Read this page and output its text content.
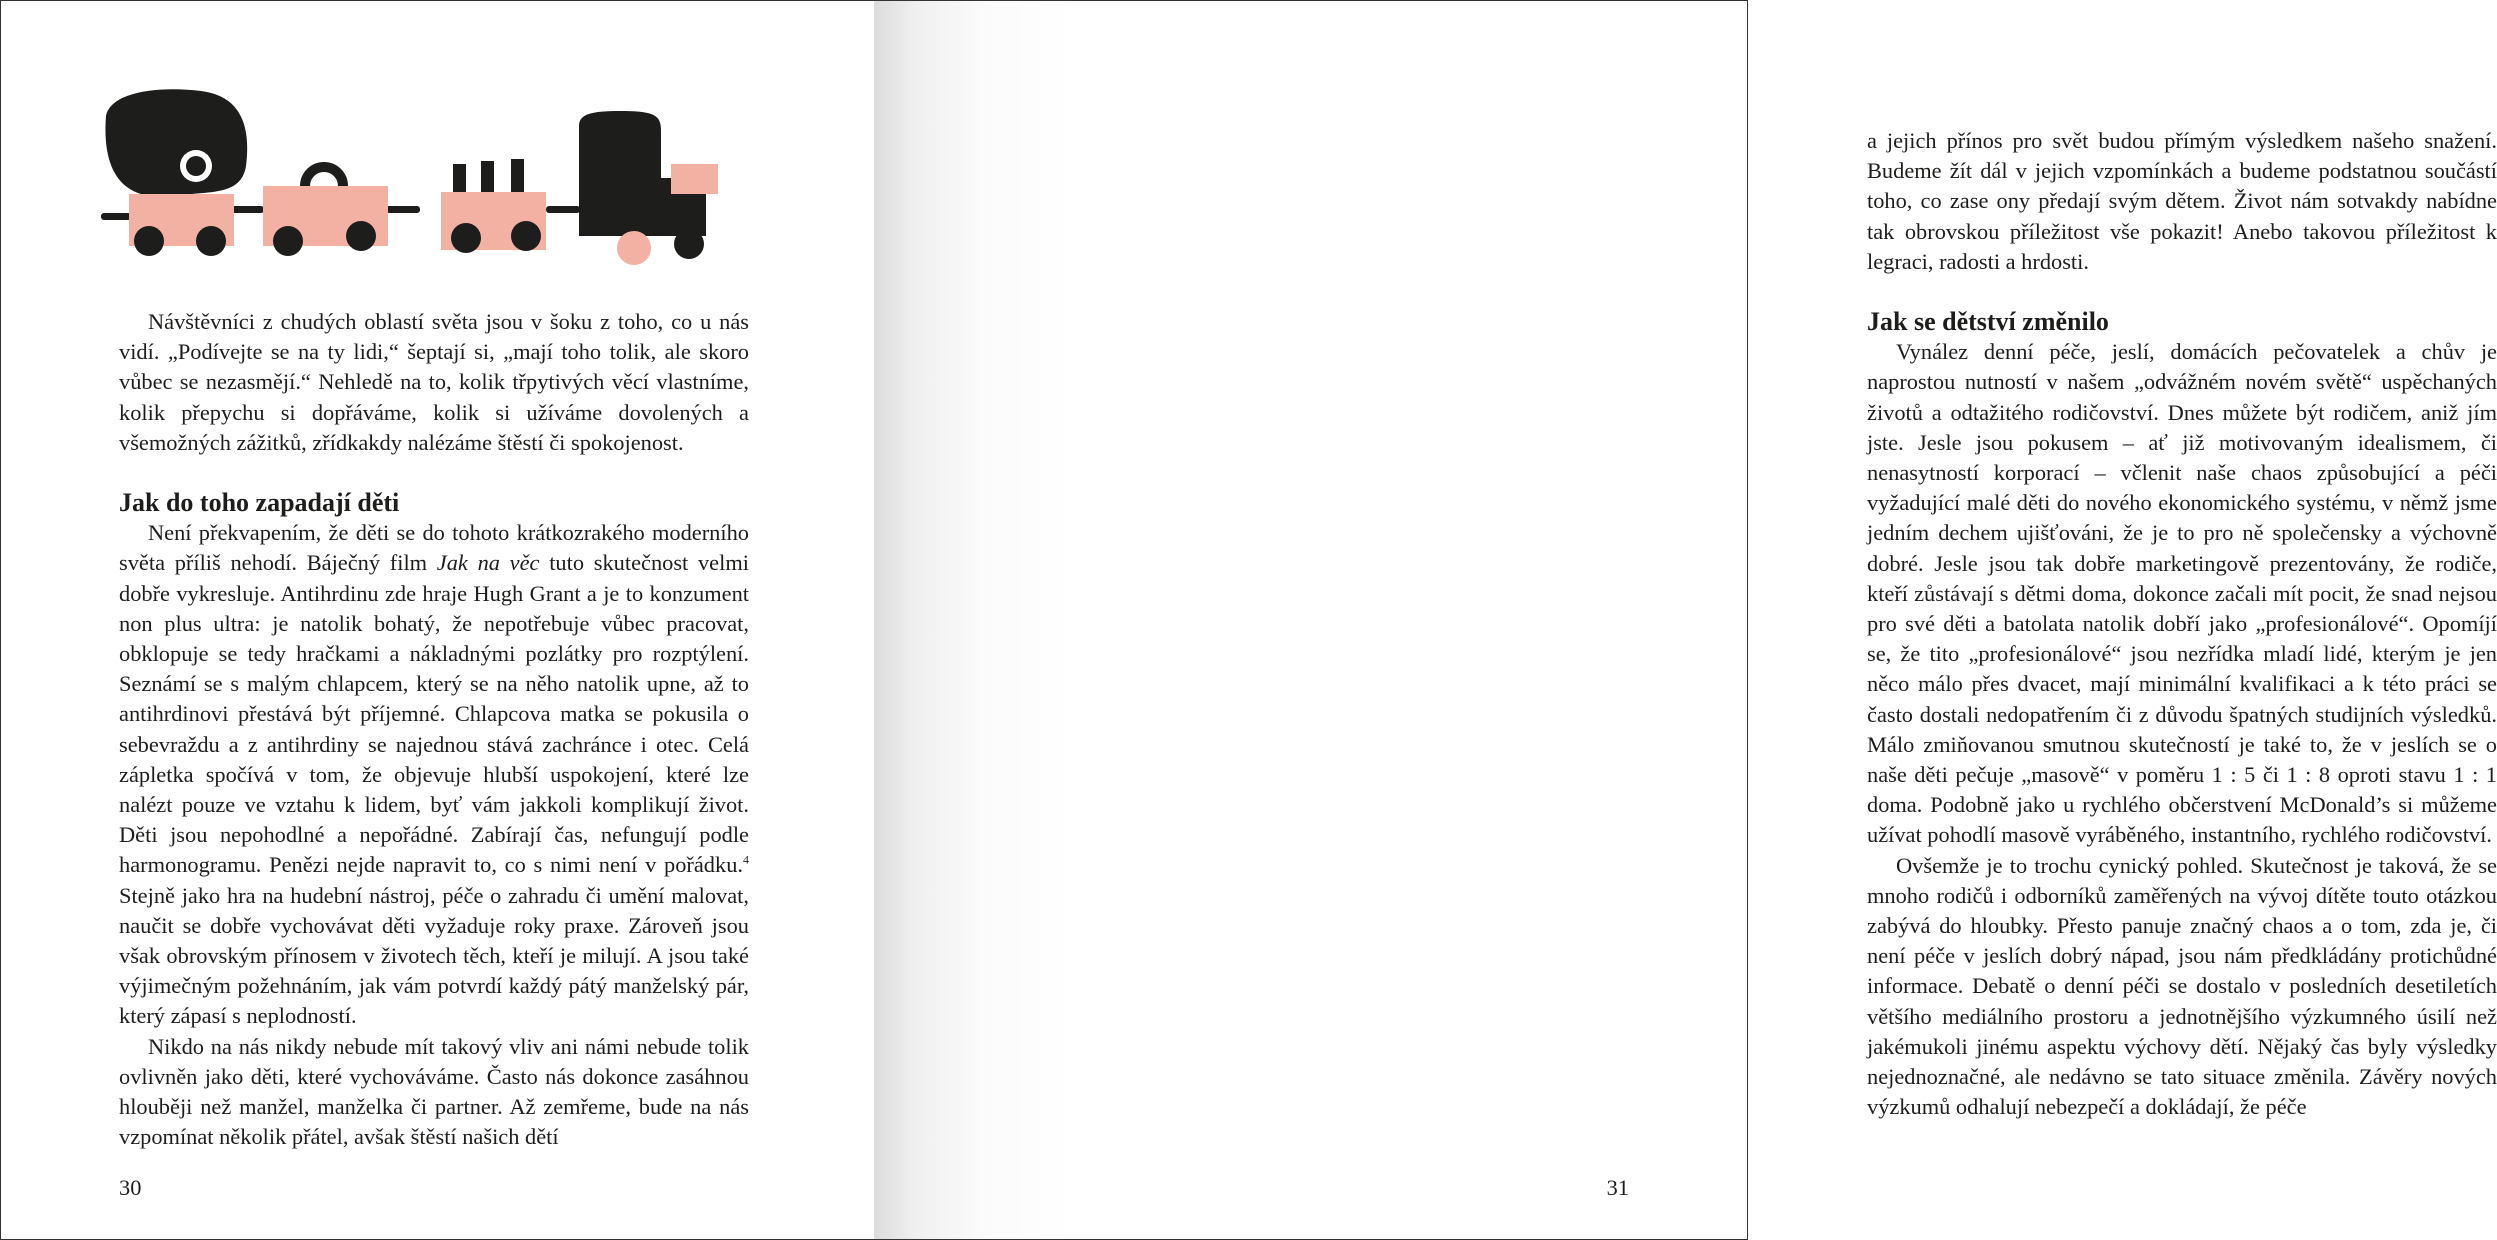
Návštěvníci z chudých oblastí světa jsou v šoku z toho, co u nás vidí. „Podívejte se na ty lidi,“ šeptají si, „mají toho tolik, ale skoro vůbec se nezasmějí.“ Nehledě na to, kolik třpytivých věcí vlastníme, kolik přepychu si dopřáváme, kolik si užíváme dovolených a všemožných zážitků, zřídkakdy nalézáme štěstí či spokojenost.

Jak do toho zapadají děti

Není překvapením, že děti se do tohoto krátkozrakého moderního světa příliš nehodí. Báječný film Jak na věc tuto skutečnost velmi dobře vykresluje. Antihrdinu zde hraje Hugh Grant a je to konzument non plus ultra: je natolik bohatý, že nepotřebuje vůbec pracovat, obklopuje se tedy hračkami a nákladnými pozlátky pro rozptýlení. Seznámí se s malým chlapcem, který se na něho natolik upne, až to antihrdinovi přestává být příjemné. Chlapcova matka se pokusila o sebevraždu a z antihrdiny se najednou stává zachránce i otec. Celá zápletka spočívá v tom, že objevuje hlubší uspokojení, které lze nalézt pouze ve vztahu k lidem, byť vám jakkoli komplikují život. Děti jsou nepohodlné a nepořádné. Zabírají čas, nefungují podle harmonogramu. Penězi nejde napravit to, co s nimi není v pořádku.$^4$ Stejně jako hra na hudební nástroj, péče o zahradu či umění malovat, naučit se dobře vychovávat děti vyžaduje roky praxe. Zároveň jsou však obrovským přínosem v životech těch, kteří je milují. A jsou také výjimečným požehnáním, jak vám potvrdí každý pátý manželský pár, který zápasí s neplodností.

Nikdo na nás nikdy nebude mít takový vliv ani námi nebude tolik ovlivněn jako děti, které vychováváme. Často nás dokonce zasáhnou hlouběji než manžel, manželka či partner. Až zemřeme, bude na nás vzpomínat několik přátel, avšak štěstí našich dětí

30

a jejich přínos pro svět budou přímým výsledkem našeho snažení. Budeme žít dál v jejich vzpomínkách a budeme podstatnou součástí toho, co zase ony předají svým dětem. Život nám sotvakdy nabídne tak obrovskou příležitost vše pokazit! Anebo takovou příležitost k legraci, radosti a hrdosti.

Jak se dětství změnilo

Vynález denní péče, jeslí, domácích pečovatelek a chův je naprostou nutností v našem „odvážném novém světě“ uspěchaných životů a odtažitého rodičovství. Dnes můžete být rodičem, aniž jím jste. Jesle jsou pokusem – ať již motivovaným idealismem, či nenasytností korporací – včlenit naše chaos způsobující a péči vyžadující malé děti do nového ekonomického systému, v němž jsme jedním dechem ujišťováni, že je to pro ně společensky a výchovně dobré. Jesle jsou tak dobře marketingově prezentovány, že rodiče, kteří zůstávají s dětmi doma, dokonce začali mít pocit, že snad nejsou pro své děti a batolata natolik dobří jako „profesionálové“. Opomíjí se, že tito „profesionálové“ jsou nezřídka mladí lidé, kterým je jen něco málo přes dvacet, mají minimální kvalifikaci a k této práci se často dostali nedopatřením či z důvodu špatných studijních výsledků. Málo zmiňovanou smutnou skutečností je také to, že v jeslích se o naše děti pečuje „masově“ v poměru 1 : 5 či 1 : 8 oproti stavu 1 : 1 doma. Podobně jako u rychlého občerstvení McDonald’s si můžeme užívat pohodlí masově vyráběného, instantního, rychlého rodičovství.

Ovšemže je to trochu cynický pohled. Skutečnost je taková, že se mnoho rodičů i odborníků zaměřených na vývoj dítěte touto otázkou zabývá do hloubky. Přesto panuje značný chaos a o tom, zda je, či není péče v jeslích dobrý nápad, jsou nám předkládány protichůdné informace. Debatě o denní péči se dostalo v posledních desetiletích většího mediálního prostoru a jednotnějšího výzkumného úsilí než jakémukoli jinému aspektu výchovy dětí. Nějaký čas byly výsledky nejednoznačné, ale nedávno se tato situace změnila. Závěry nových výzkumů odhalují nebezpečí a dokládají, že péče

31
